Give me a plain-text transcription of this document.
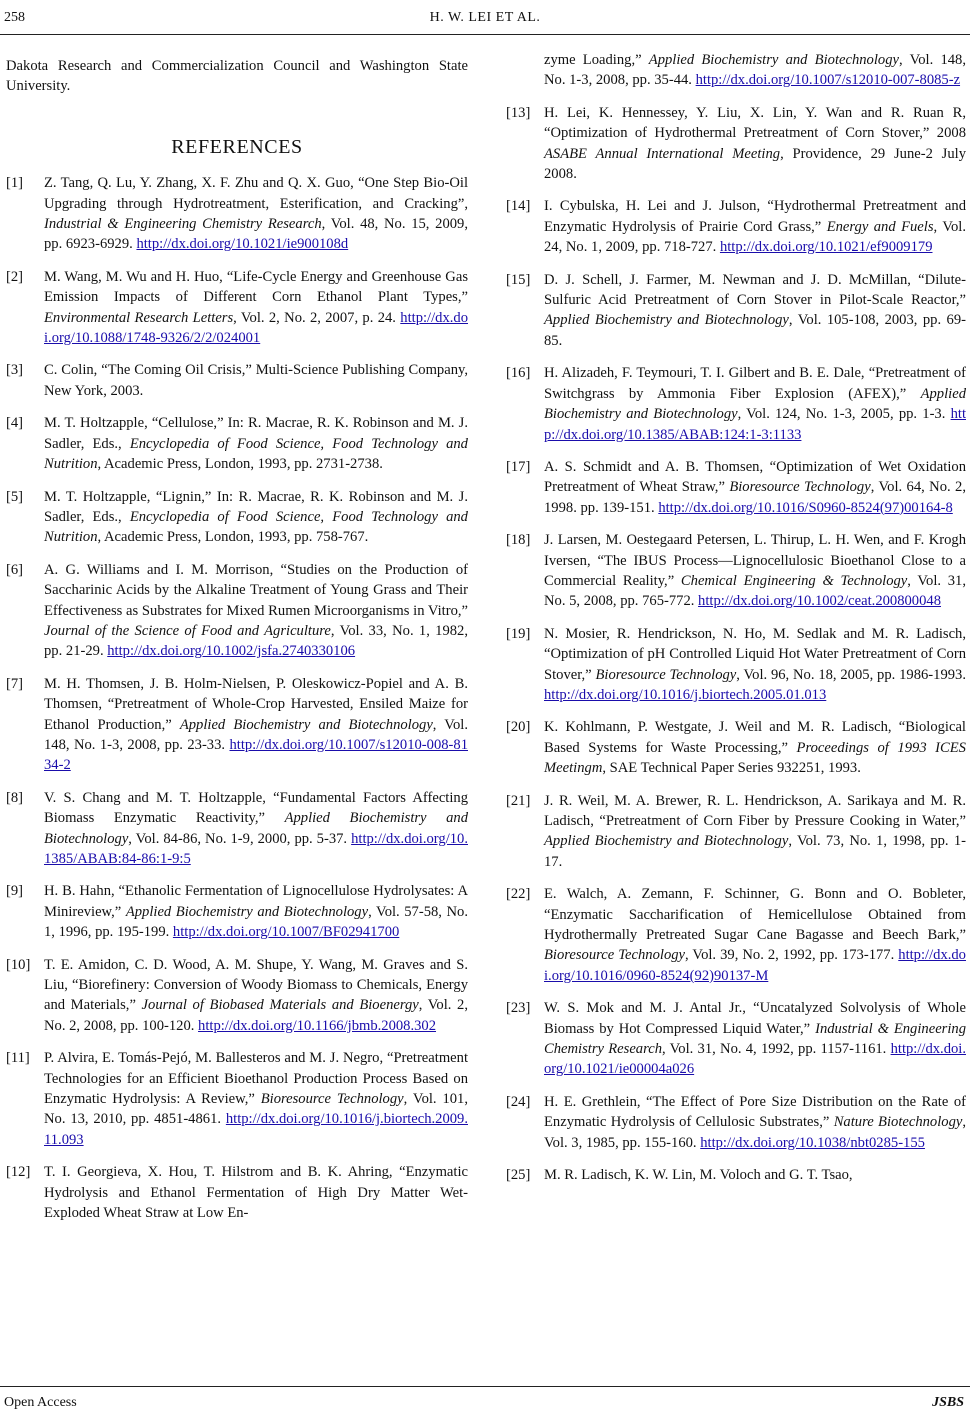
258	H. W. LEI ET AL.

Dakota Research and Commercialization Council and Washington State University.

REFERENCES
[1]	Z. Tang, Q. Lu, Y. Zhang, X. F. Zhu and Q. X. Guo, “One Step Bio-Oil Upgrading through Hydrotreatment, Esterification, and Cracking”, Industrial & Engineering Chemistry Research, Vol. 48, No. 15, 2009, pp. 6923-6929. http://dx.doi.org/10.1021/ie900108d
[2]	M. Wang, M. Wu and H. Huo, “Life-Cycle Energy and Greenhouse Gas Emission Impacts of Different Corn Ethanol Plant Types,” Environmental Research Letters, Vol. 2, No. 2, 2007, p. 24. http://dx.doi.org/10.1088/1748-9326/2/2/024001
[3]	C. Colin, “The Coming Oil Crisis,” Multi-Science Publishing Company, New York, 2003.
[4]	M. T. Holtzapple, “Cellulose,” In: R. Macrae, R. K. Robinson and M. J. Sadler, Eds., Encyclopedia of Food Science, Food Technology and Nutrition, Academic Press, London, 1993, pp. 2731-2738.
[5]	M. T. Holtzapple, “Lignin,” In: R. Macrae, R. K. Robinson and M. J. Sadler, Eds., Encyclopedia of Food Science, Food Technology and Nutrition, Academic Press, London, 1993, pp. 758-767.
[6]	A. G. Williams and I. M. Morrison, “Studies on the Production of Saccharinic Acids by the Alkaline Treatment of Young Grass and Their Effectiveness as Substrates for Mixed Rumen Microorganisms in Vitro,” Journal of the Science of Food and Agriculture, Vol. 33, No. 1, 1982, pp. 21-29. http://dx.doi.org/10.1002/jsfa.2740330106
[7]	M. H. Thomsen, J. B. Holm-Nielsen, P. Oleskowicz-Popiel and A. B. Thomsen, “Pretreatment of Whole-Crop Harvested, Ensiled Maize for Ethanol Production,” Applied Biochemistry and Biotechnology, Vol. 148, No. 1-3, 2008, pp. 23-33. http://dx.doi.org/10.1007/s12010-008-8134-2
[8]	V. S. Chang and M. T. Holtzapple, “Fundamental Factors Affecting Biomass Enzymatic Reactivity,” Applied Biochemistry and Biotechnology, Vol. 84-86, No. 1-9, 2000, pp. 5-37. http://dx.doi.org/10.1385/ABAB:84-86:1-9:5
[9]	H. B. Hahn, “Ethanolic Fermentation of Lignocellulose Hydrolysates: A Minireview,” Applied Biochemistry and Biotechnology, Vol. 57-58, No. 1, 1996, pp. 195-199. http://dx.doi.org/10.1007/BF02941700
[10] T. E. Amidon, C. D. Wood, A. M. Shupe, Y. Wang, M. Graves and S. Liu, “Biorefinery: Conversion of Woody Biomass to Chemicals, Energy and Materials,” Journal of Biobased Materials and Bioenergy, Vol. 2, No. 2, 2008, pp. 100-120. http://dx.doi.org/10.1166/jbmb.2008.302
[11] P. Alvira, E. Tomás-Pejó, M. Ballesteros and M. J. Negro, “Pretreatment Technologies for an Efficient Bioethanol Production Process Based on Enzymatic Hydrolysis: A Review,” Bioresource Technology, Vol. 101, No. 13, 2010, pp. 4851-4861. http://dx.doi.org/10.1016/j.biortech.2009.11.093
[12] T. I. Georgieva, X. Hou, T. Hilstrom and B. K. Ahring, “Enzymatic Hydrolysis and Ethanol Fermentation of High Dry Matter Wet-Exploded Wheat Straw at Low En-
zyme Loading,” Applied Biochemistry and Biotechnology, Vol. 148, No. 1-3, 2008, pp. 35-44. http://dx.doi.org/10.1007/s12010-007-8085-z
[13] H. Lei, K. Hennessey, Y. Liu, X. Lin, Y. Wan and R. Ruan R, “Optimization of Hydrothermal Pretreatment of Corn Stover,” 2008 ASABE Annual International Meeting, Providence, 29 June-2 July 2008.
[14] I. Cybulska, H. Lei and J. Julson, “Hydrothermal Pretreatment and Enzymatic Hydrolysis of Prairie Cord Grass,” Energy and Fuels, Vol. 24, No. 1, 2009, pp. 718-727. http://dx.doi.org/10.1021/ef9009179
[15] D. J. Schell, J. Farmer, M. Newman and J. D. McMillan, “Dilute-Sulfuric Acid Pretreatment of Corn Stover in Pilot-Scale Reactor,” Applied Biochemistry and Biotechnology, Vol. 105-108, 2003, pp. 69-85.
[16] H. Alizadeh, F. Teymouri, T. I. Gilbert and B. E. Dale, “Pretreatment of Switchgrass by Ammonia Fiber Explosion (AFEX),” Applied Biochemistry and Biotechnology, Vol. 124, No. 1-3, 2005, pp. 1-3. http://dx.doi.org/10.1385/ABAB:124:1-3:1133
[17] A. S. Schmidt and A. B. Thomsen, “Optimization of Wet Oxidation Pretreatment of Wheat Straw,” Bioresource Technology, Vol. 64, No. 2, 1998. pp. 139-151. http://dx.doi.org/10.1016/S0960-8524(97)00164-8
[18] J. Larsen, M. Oestegaard Petersen, L. Thirup, L. H. Wen, and F. Krogh Iversen, “The IBUS Process—Lignocellulosic Bioethanol Close to a Commercial Reality,” Chemical Engineering & Technology, Vol. 31, No. 5, 2008, pp. 765-772. http://dx.doi.org/10.1002/ceat.200800048
[19] N. Mosier, R. Hendrickson, N. Ho, M. Sedlak and M. R. Ladisch, “Optimization of pH Controlled Liquid Hot Water Pretreatment of Corn Stover,” Bioresource Technology, Vol. 96, No. 18, 2005, pp. 1986-1993. http://dx.doi.org/10.1016/j.biortech.2005.01.013
[20] K. Kohlmann, P. Westgate, J. Weil and M. R. Ladisch, “Biological Based Systems for Waste Processing,” Proceedings of 1993 ICES Meetingm, SAE Technical Paper Series 932251, 1993.
[21] J. R. Weil, M. A. Brewer, R. L. Hendrickson, A. Sarikaya and M. R. Ladisch, “Pretreatment of Corn Fiber by Pressure Cooking in Water,” Applied Biochemistry and Biotechnology, Vol. 73, No. 1, 1998, pp. 1-17.
[22] E. Walch, A. Zemann, F. Schinner, G. Bonn and O. Bobleter, “Enzymatic Saccharification of Hemicellulose Obtained from Hydrothermally Pretreated Sugar Cane Bagasse and Beech Bark,” Bioresource Technology, Vol. 39, No. 2, 1992, pp. 173-177. http://dx.doi.org/10.1016/0960-8524(92)90137-M
[23] W. S. Mok and M. J. Antal Jr., “Uncatalyzed Solvolysis of Whole Biomass by Hot Compressed Liquid Water,” Industrial & Engineering Chemistry Research, Vol. 31, No. 4, 1992, pp. 1157-1161. http://dx.doi.org/10.1021/ie00004a026
[24] H. E. Grethlein, “The Effect of Pore Size Distribution on the Rate of Enzymatic Hydrolysis of Cellulosic Substrates,” Nature Biotechnology, Vol. 3, 1985, pp. 155-160. http://dx.doi.org/10.1038/nbt0285-155
[25] M. R. Ladisch, K. W. Lin, M. Voloch and G. T. Tsao,
Open Access	JSBS
